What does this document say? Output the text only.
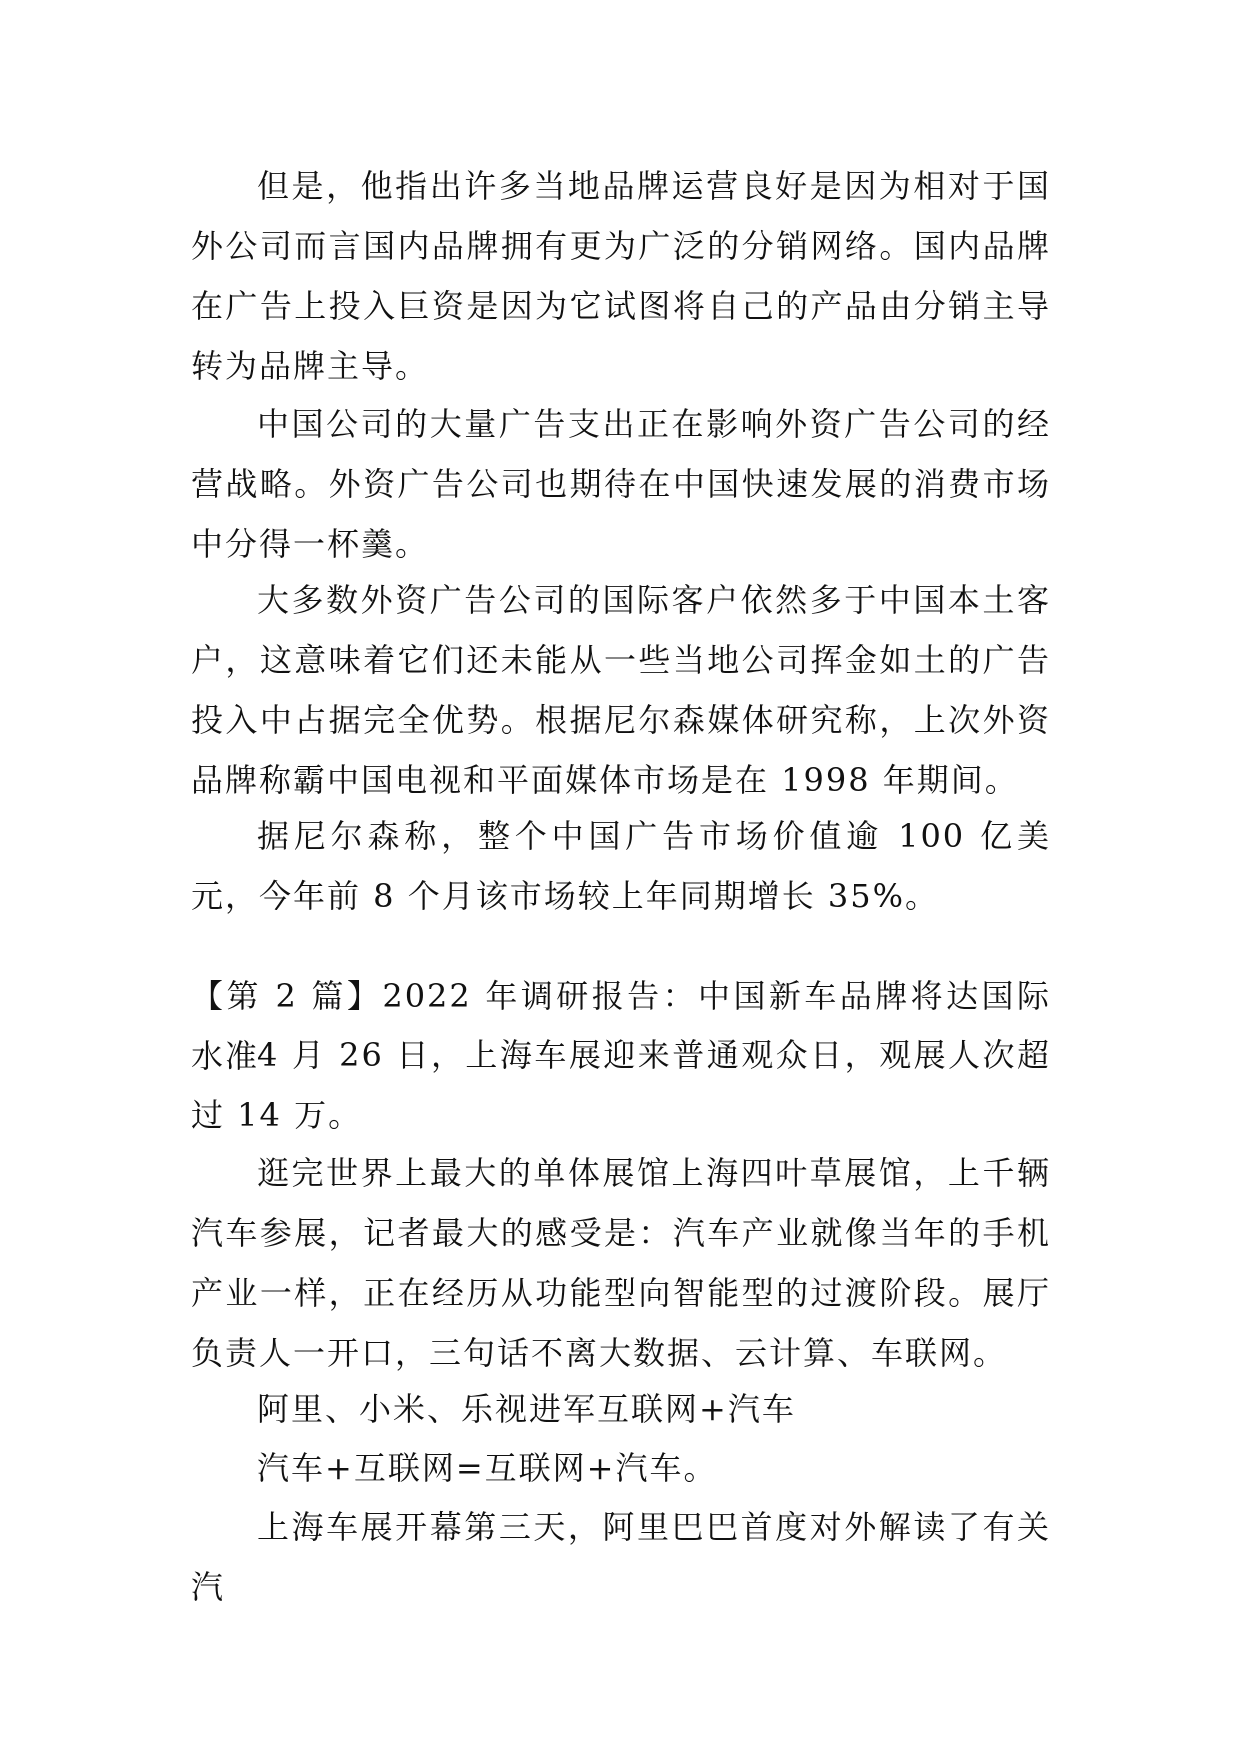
但是，他指出许多当地品牌运营良好是因为相对于国外公司而言国内品牌拥有更为广泛的分销网络。国内品牌在广告上投入巨资是因为它试图将自己的产品由分销主导转为品牌主导。

中国公司的大量广告支出正在影响外资广告公司的经营战略。外资广告公司也期待在中国快速发展的消费市场中分得一杯羹。

大多数外资广告公司的国际客户依然多于中国本土客户，这意味着它们还未能从一些当地公司挥金如土的广告投入中占据完全优势。根据尼尔森媒体研究称，上次外资品牌称霸中国电视和平面媒体市场是在 1998 年期间。

据尼尔森称，整个中国广告市场价值逾 100 亿美元，今年前 8 个月该市场较上年同期增长 35%。

【第 2 篇】2022 年调研报告：中国新车品牌将达国际水准

4 月 26 日，上海车展迎来普通观众日，观展人次超过 14 万。

逛完世界上最大的单体展馆上海四叶草展馆，上千辆汽车参展，记者最大的感受是：汽车产业就像当年的手机产业一样，正在经历从功能型向智能型的过渡阶段。展厅负责人一开口，三句话不离大数据、云计算、车联网。

阿里、小米、乐视进军互联网+汽车

汽车+互联网=互联网+汽车。

上海车展开幕第三天，阿里巴巴首度对外解读了有关汽
